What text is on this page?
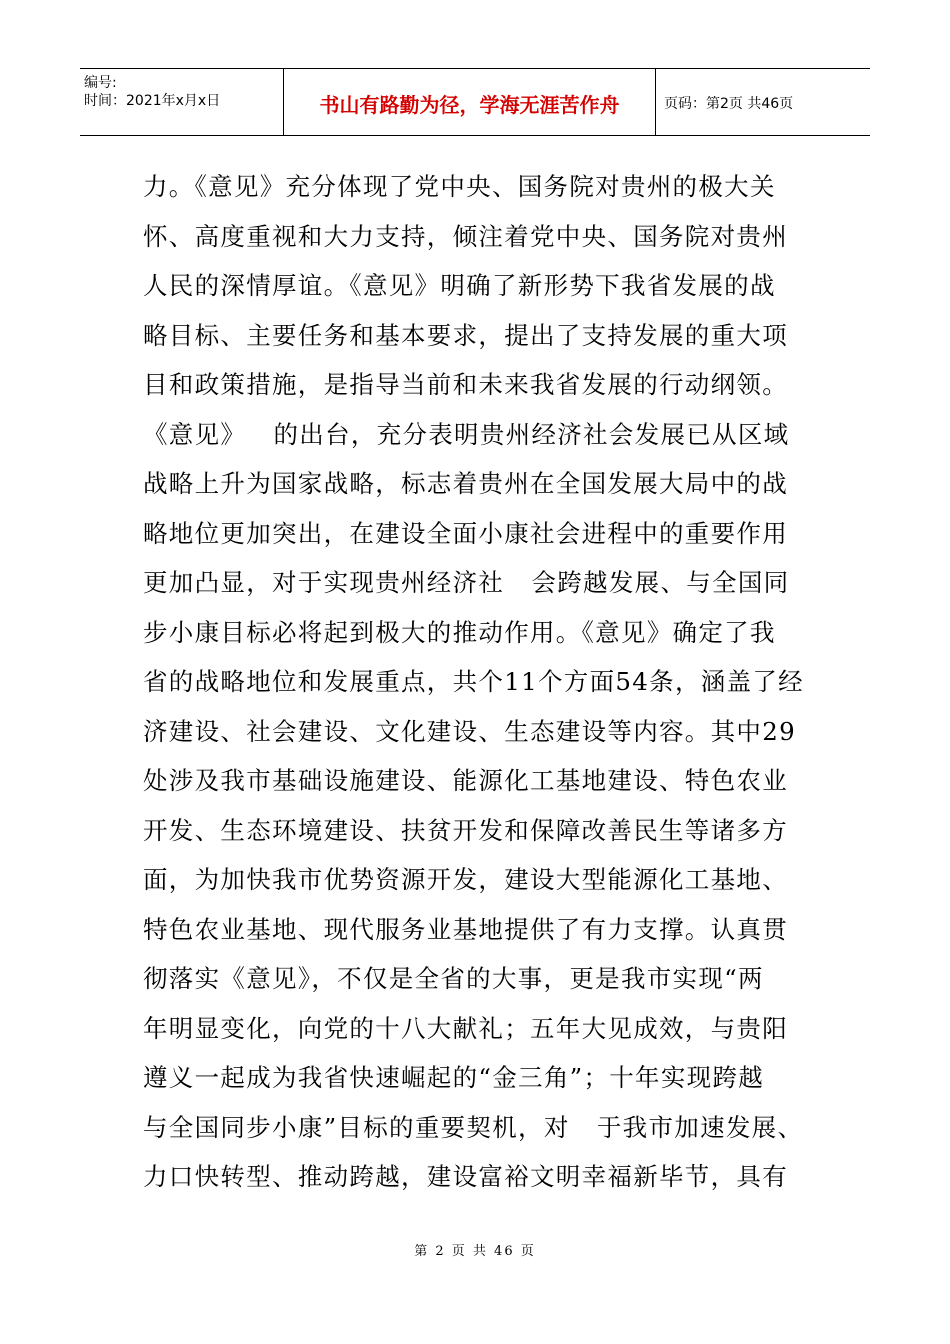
编号:
时间：2021年x月x日	书山有路勤为径，学海无涯苦作舟	页码：第2页 共46页
力。《意见》充分体现了党中央、国务院对贵州的极大关
怀、高度重视和大力支持，倾注着党中央、国务院对贵州
人民的深情厚谊。《意见》明确了新形势下我省发展的战
略目标、主要任务和基本要求，提出了支持发展的重大项
目和政策措施，是指导当前和未来我省发展的行动纲领。
《意见》   的出台，充分表明贵州经济社会发展已从区域
战略上升为国家战略，标志着贵州在全国发展大局中的战
略地位更加突出，在建设全面小康社会进程中的重要作用
更加凸显，对于实现贵州经济社   会跨越发展、与全国同
步小康目标必将起到极大的推动作用。《意见》确定了我
省的战略地位和发展重点，共个11个方面54条，涵盖了经
济建设、社会建设、文化建设、生态建设等内容。其中29
处涉及我市基础设施建设、能源化工基地建设、特色农业
开发、生态环境建设、扶贫开发和保障改善民生等诸多方
面，为加快我市优势资源开发，建设大型能源化工基地、
特色农业基地、现代服务业基地提供了有力支撑。认真贯
彻落实《意见》，不仅是全省的大事，更是我市实现“两
年明显变化，向党的十八大献礼；五年大见成效，与贵阳
遵义一起成为我省快速崛起的“金三角”；十年实现跨越
与全国同步小康”目标的重要契机，对   于我市加速发展、
力口快转型、推动跨越，建设富裕文明幸福新毕节，具有
第 2 页 共 46 页
